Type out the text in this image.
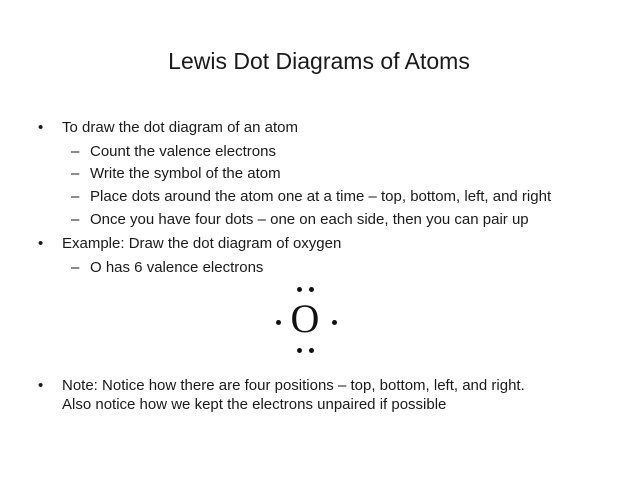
Lewis Dot Diagrams of Atoms
• To draw the dot diagram of an atom
– Count the valence electrons
– Write the symbol of the atom
– Place dots around the atom one at a time – top, bottom, left, and right
– Once you have four dots – one on each side, then you can pair up
• Example: Draw the dot diagram of oxygen
– O has 6 valence electrons
O
• Note: Notice how there are four positions – top, bottom, left, and right.
Also notice how we kept the electrons unpaired if possible
